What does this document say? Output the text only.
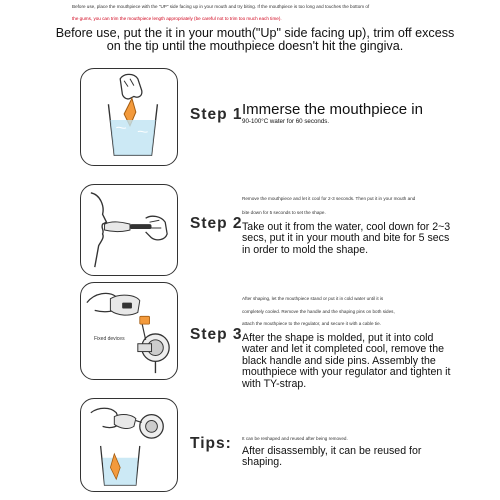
Before use, place the mouthpiece with the "UP" side facing up in your mouth and try biting. If the mouthpiece is too long and touches the bottom of
the gums, you can trim the mouthpiece length appropriately (be careful not to trim too much each time).
Before use, put the it in your mouth("Up" side facing up), trim off excess on the tip until the mouthpiece doesn't hit the gingiva.
Step 1 Immerse the mouthpiece in
90-100°C water for 60 seconds.
Step 2
Remove the mouthpiece and let it cool for 2-3 seconds. Then put it in your mouth and
bite down for 5 seconds to set the shape.
Take out it from the water, cool down for 2~3 secs, put it in your mouth and bite for 5 secs in order to mold the shape.
Fixed devices	Step 3
After shaping, let the mouthpiece stand or put it in cold water until it is
completely cooled. Remove the handle and the shaping pins on both sides,
attach the mouthpiece to the regulator, and secure it with a cable tie.
After the shape is molded, put it into cold water and let it completed cool, remove the black handle and side pins. Assembly the mouthpiece with your regulator and tighten it with TY-strap.
Tips: It can be reshaped and reused after being removed.
After disassembly, it can be reused for shaping.
